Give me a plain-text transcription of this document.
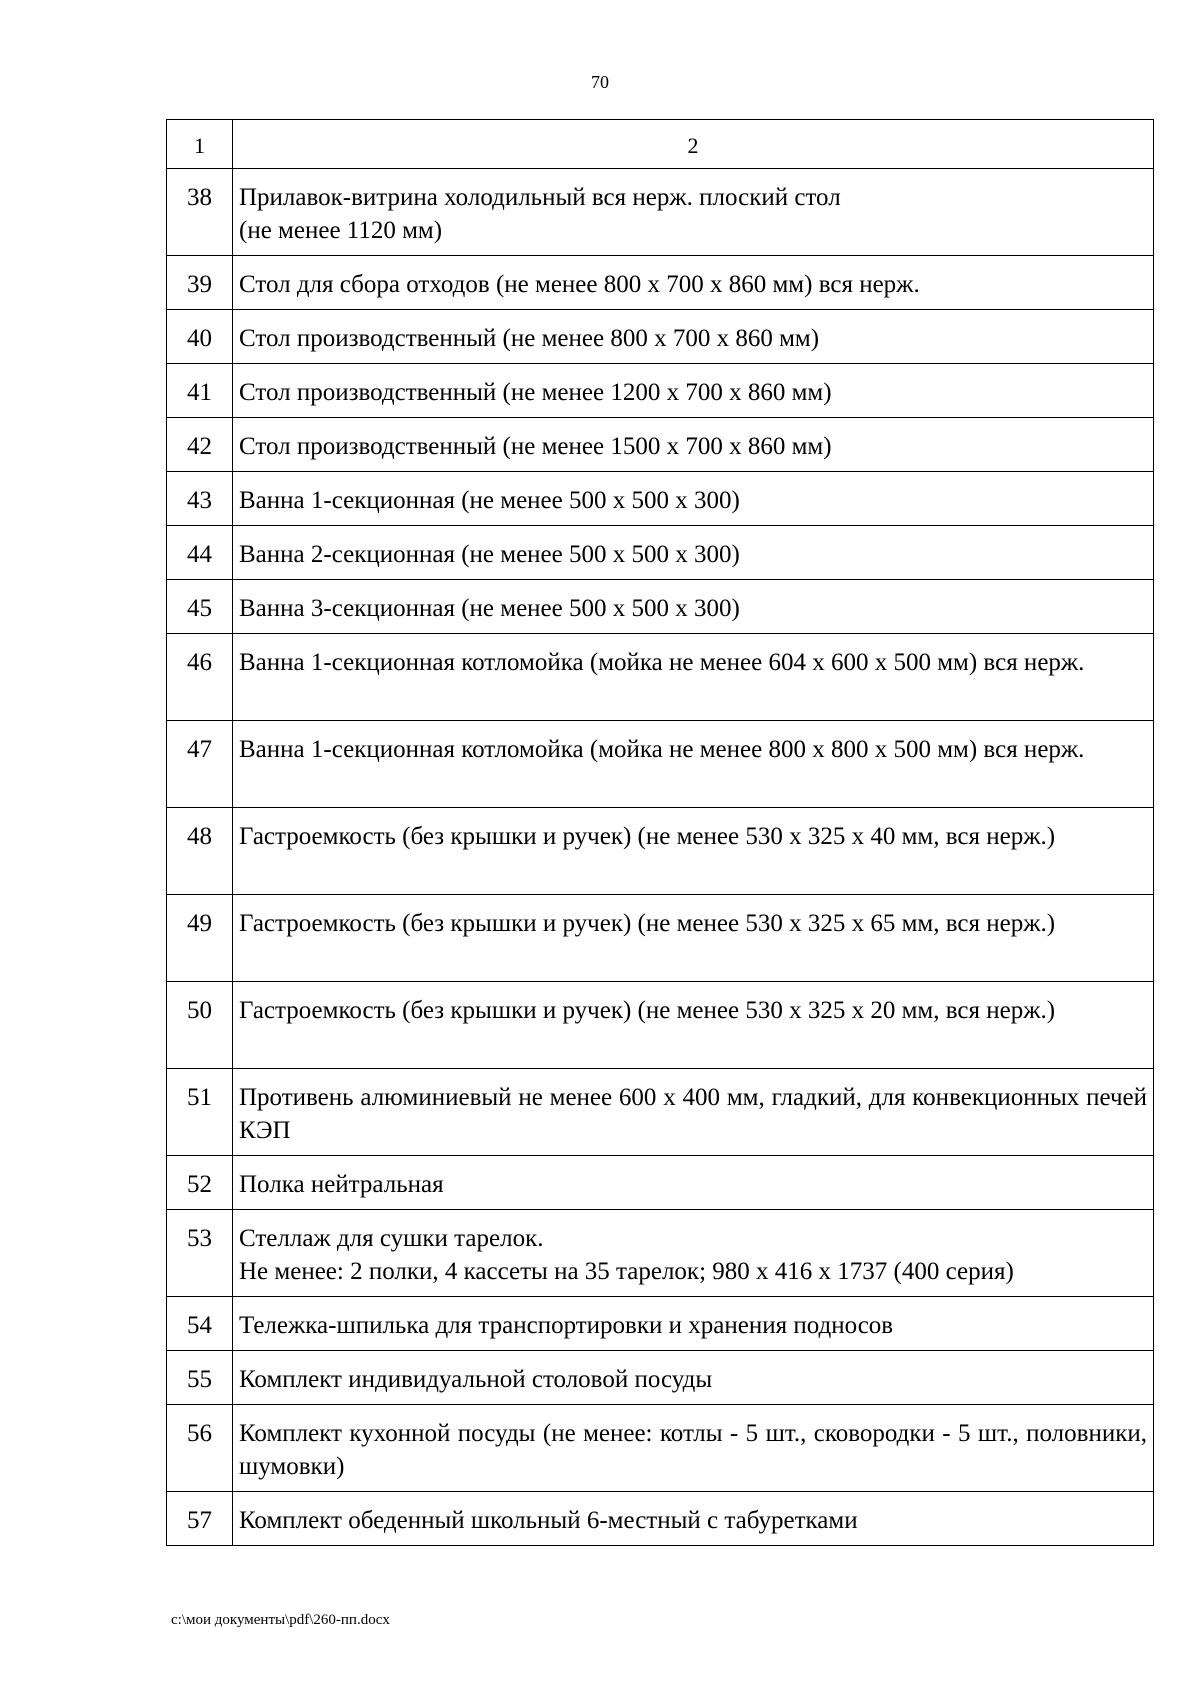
70
1	2
38	Прилавок-витрина холодильный вся нерж. плоский стол
(не менее 1120 мм)
39	Стол для сбора отходов (не менее 800 х 700 х 860 мм) вся нерж.
40	Стол производственный (не менее 800 х 700 х 860 мм)
41	Стол производственный (не менее 1200 х 700 х 860 мм)
42	Стол производственный (не менее 1500 х 700 х 860 мм)
43	Ванна 1-секционная (не менее 500 х 500 х 300)
44	Ванна 2-секционная (не менее 500 х 500 х 300)
45	Ванна 3-секционная (не менее 500 х 500 х 300)
46	Ванна 1-секционная котломойка (мойка не менее 604 х 600 х 500 мм) вся нерж.
47	Ванна 1-секционная котломойка (мойка не менее 800 х 800 х 500 мм) вся нерж.
48	Гастроемкость (без крышки и ручек) (не менее 530 х 325 х 40 мм, вся нерж.)
49	Гастроемкость (без крышки и ручек) (не менее 530 х 325 х 65 мм, вся нерж.)
50	Гастроемкость (без крышки и ручек) (не менее 530 х 325 х 20 мм, вся нерж.)
51	Противень алюминиевый не менее 600 х 400 мм, гладкий, для конвекционных печей КЭП
52	Полка нейтральная
53	Стеллаж для сушки тарелок.
Не менее: 2 полки, 4 кассеты на 35 тарелок; 980 х 416 х 1737 (400 серия)
54	Тележка-шпилька для транспортировки и хранения подносов
55	Комплект индивидуальной столовой посуды
56	Комплект кухонной посуды (не менее: котлы - 5 шт., сковородки - 5 шт., половники, шумовки)
57	Комплект обеденный школьный 6-местный с табуретками
c:\мои документы\pdf\260-пп.docx
